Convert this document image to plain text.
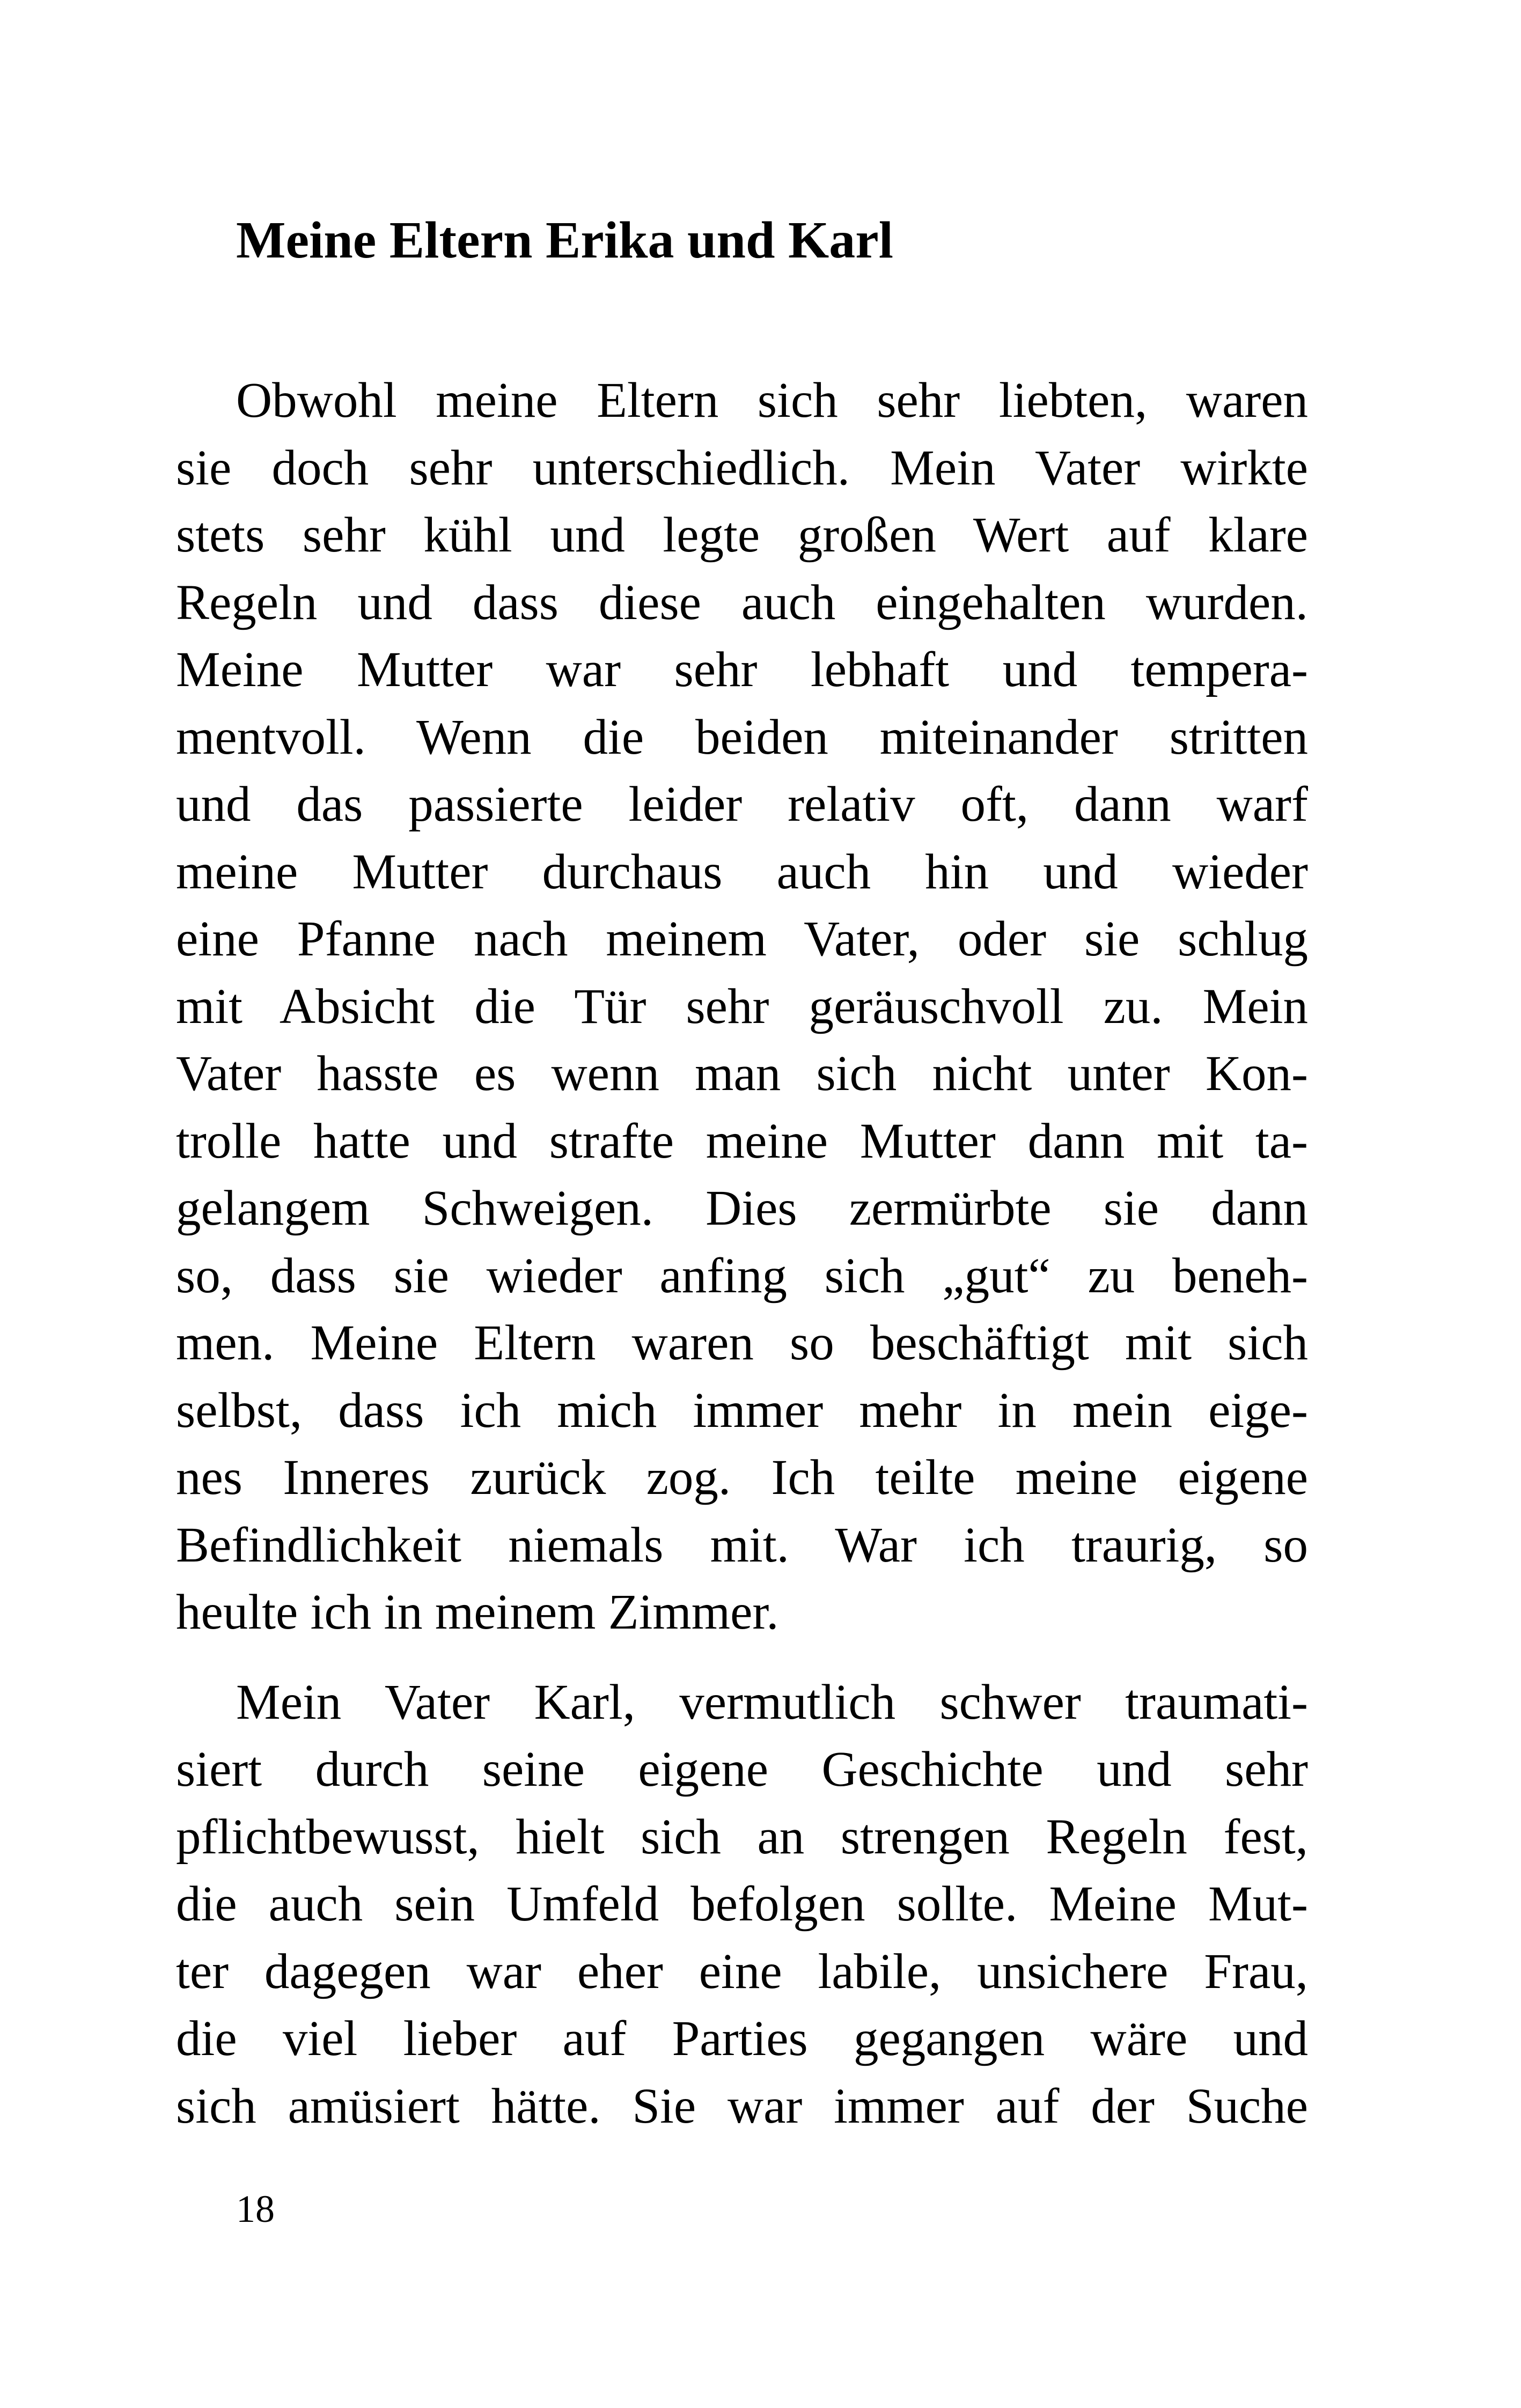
Meine Eltern Erika und Karl
Obwohl meine Eltern sich sehr liebten, waren
sie doch sehr unterschiedlich. Mein Vater wirkte
stets sehr kühl und legte großen Wert auf klare
Regeln und dass diese auch eingehalten wurden.
Meine Mutter war sehr lebhaft und tempera-
mentvoll. Wenn die beiden miteinander stritten
und das passierte leider relativ oft, dann warf
meine Mutter durchaus auch hin und wieder
eine Pfanne nach meinem Vater, oder sie schlug
mit Absicht die Tür sehr geräuschvoll zu. Mein
Vater hasste es wenn man sich nicht unter Kon-
trolle hatte und strafte meine Mutter dann mit ta-
gelangem Schweigen. Dies zermürbte sie dann
so, dass sie wieder anfing sich „gut“ zu beneh-
men. Meine Eltern waren so beschäftigt mit sich
selbst, dass ich mich immer mehr in mein eige-
nes Inneres zurück zog. Ich teilte meine eigene
Befindlichkeit niemals mit. War ich traurig, so
heulte ich in meinem Zimmer.
Mein Vater Karl, vermutlich schwer traumati-
siert durch seine eigene Geschichte und sehr
pflichtbewusst, hielt sich an strengen Regeln fest,
die auch sein Umfeld befolgen sollte. Meine Mut-
ter dagegen war eher eine labile, unsichere Frau,
die viel lieber auf Parties gegangen wäre und
sich amüsiert hätte. Sie war immer auf der Suche
18
